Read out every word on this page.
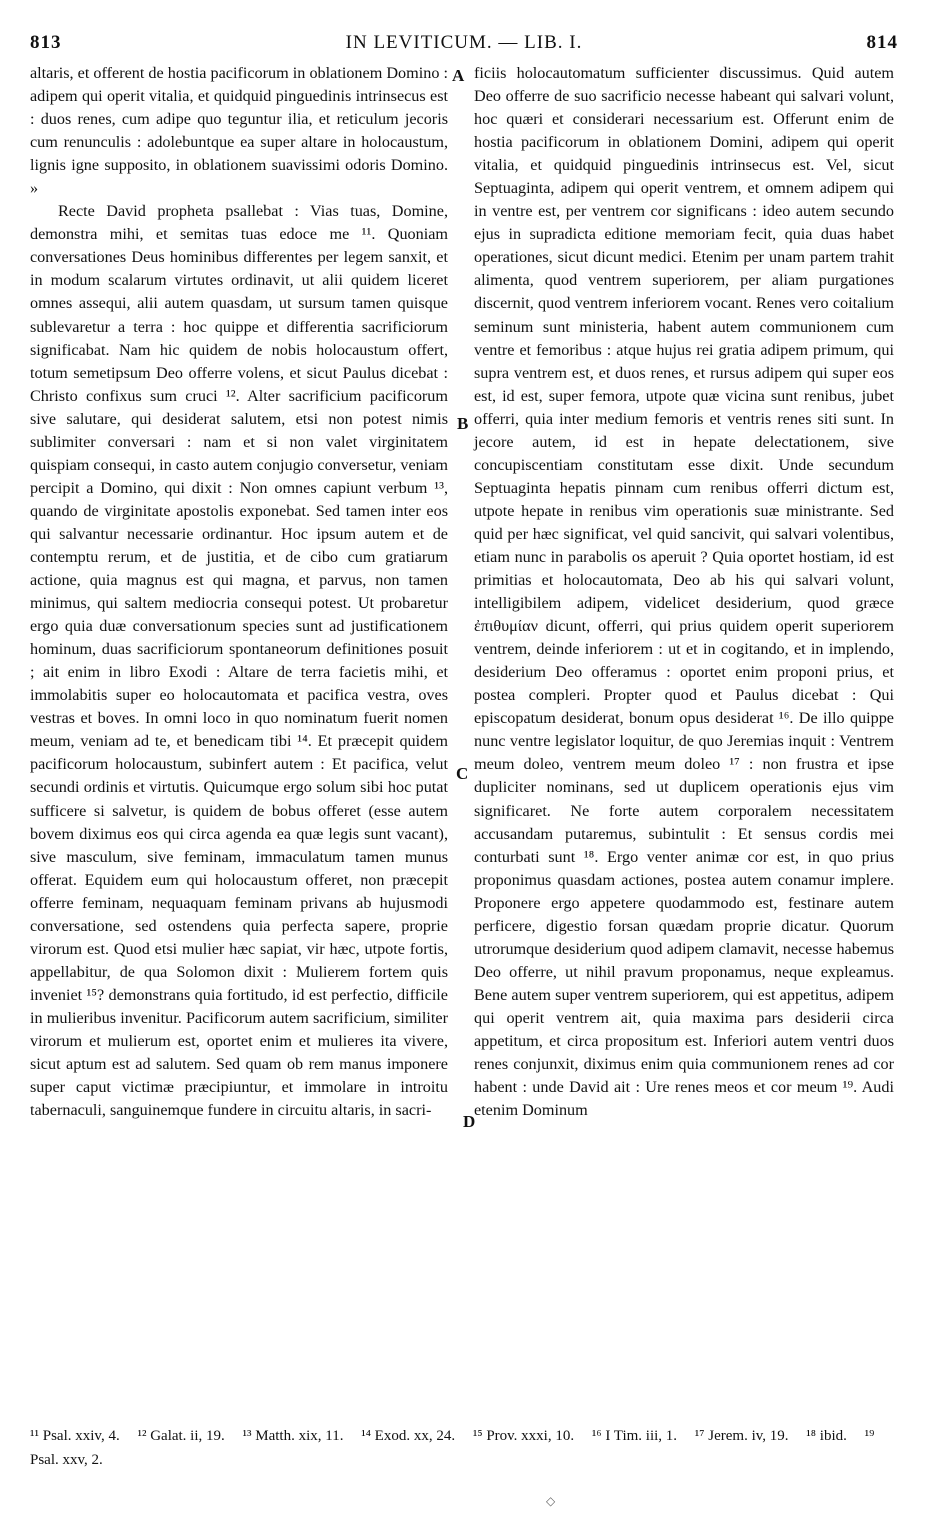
813	IN LEVITICUM. — LIB. I.	814

altaris, et offerent de hostia pacificorum in oblationem Domino : adipem qui operit vitalia, et quidquid pinguedinis intrinsecus est : duos renes, cum adipe quo teguntur ilia, et reticulum jecoris cum renunculis : adolebuntque ea super altare in holocaustum, lignis igne supposito, in oblationem suavissimi odoris Domino. »

Recte David propheta psallebat : Vias tuas, Domine, demonstra mihi, et semitas tuas edoce me ¹¹. Quoniam conversationes Deus hominibus differentes per legem sanxit, et in modum scalarum virtutes ordinavit, ut alii quidem liceret omnes assequi, alii autem quasdam, ut sursum tamen quisque sublevaretur a terra : hoc quippe et differentia sacrificiorum significabat. Nam hic quidem de nobis holocaustum offert, totum semetipsum Deo offerre volens, et sicut Paulus dicebat : Christo confixus sum cruci ¹². Alter sacrificium pacificorum sive salutare, qui desiderat salutem, etsi non potest nimis sublimiter conversari : nam et si non valet virginitatem quispiam consequi, in casto autem conjugio conversetur, veniam percipit a Domino, qui dixit : Non omnes capiunt verbum ¹³, quando de virginitate apostolis exponebat. Sed tamen inter eos qui salvantur necessarie ordinantur. Hoc ipsum autem et de contemptu rerum, et de justitia, et de cibo cum gratiarum actione, quia magnus est qui magna, et parvus, non tamen minimus, qui saltem mediocria consequi potest. Ut probaretur ergo quia duæ conversationum species sunt ad justificationem hominum, duas sacrificiorum spontaneorum definitiones posuit ; ait enim in libro Exodi : Altare de terra facietis mihi, et immolabitis super eo holocautomata et pacifica vestra, oves vestras et boves. In omni loco in quo nominatum fuerit nomen meum, veniam ad te, et benedicam tibi ¹⁴. Et præcepit quidem pacificorum holocaustum, subinfert autem : Et pacifica, velut secundi ordinis et virtutis. Quicumque ergo solum sibi hoc putat sufficere si salvetur, is quidem de bobus offeret (esse autem bovem diximus eos qui circa agenda ea quæ legis sunt vacant), sive masculum, sive feminam, immaculatum tamen munus offerat. Equidem eum qui holocaustum offeret, non præcepit offerre feminam, nequaquam feminam privans ab hujusmodi conversatione, sed ostendens quia perfecta sapere, proprie virorum est. Quod etsi mulier hæc sapiat, vir hæc, utpote fortis, appellabitur, de qua Solomon dixit : Mulierem fortem quis inveniet ¹⁵? demonstrans quia fortitudo, id est perfectio, difficile in mulieribus invenitur. Pacificorum autem sacrificium, similiter virorum et mulierum est, oportet enim et mulieres ita vivere, sicut aptum est ad salutem. Sed quam ob rem manus imponere super caput victimæ præcipiuntur, et immolare in introitu tabernaculi, sanguinemque fundere in circuitu altaris, in sacri-

A
B
C
D

ficiis holocautomatum sufficienter discussimus. Quid autem Deo offerre de suo sacrificio necesse habeant qui salvari volunt, hoc quæri et considerari necessarium est. Offerunt enim de hostia pacificorum in oblationem Domini, adipem qui operit vitalia, et quidquid pinguedinis intrinsecus est. Vel, sicut Septuaginta, adipem qui operit ventrem, et omnem adipem qui in ventre est, per ventrem cor significans : ideo autem secundo ejus in supradicta editione memoriam fecit, quia duas habet operationes, sicut dicunt medici. Etenim per unam partem trahit alimenta, quod ventrem superiorem, per aliam purgationes discernit, quod ventrem inferiorem vocant. Renes vero coitalium seminum sunt ministeria, habent autem communionem cum ventre et femoribus : atque hujus rei gratia adipem primum, qui supra ventrem est, et duos renes, et rursus adipem qui super eos est, id est, super femora, utpote quæ vicina sunt renibus, jubet offerri, quia inter medium femoris et ventris renes siti sunt. In jecore autem, id est in hepate delectationem, sive concupiscentiam constitutam esse dixit. Unde secundum Septuaginta hepatis pinnam cum renibus offerri dictum est, utpote hepate in renibus vim operationis suæ ministrante. Sed quid per hæc significat, vel quid sancivit, qui salvari volentibus, etiam nunc in parabolis os aperuit ? Quia oportet hostiam, id est primitias et holocautomata, Deo ab his qui salvari volunt, intelligibilem adipem, videlicet desiderium, quod græce ἐπιθυμίαν dicunt, offerri, qui prius quidem operit superiorem ventrem, deinde inferiorem : ut et in cogitando, et in implendo, desiderium Deo offeramus : oportet enim proponi prius, et postea compleri. Propter quod et Paulus dicebat : Qui episcopatum desiderat, bonum opus desiderat ¹⁶. De illo quippe nunc ventre legislator loquitur, de quo Jeremias inquit : Ventrem meum doleo, ventrem meum doleo ¹⁷ : non frustra et ipse dupliciter nominans, sed ut duplicem operationis ejus vim significaret. Ne forte autem corporalem necessitatem accusandam putaremus, subintulit : Et sensus cordis mei conturbati sunt ¹⁸. Ergo venter animæ cor est, in quo prius proponimus quasdam actiones, postea autem conamur implere. Proponere ergo appetere quodammodo est, festinare autem perficere, digestio forsan quædam proprie dicatur. Quorum utrorumque desiderium quod adipem clamavit, necesse habemus Deo offerre, ut nihil pravum proponamus, neque expleamus. Bene autem super ventrem superiorem, qui est appetitus, adipem qui operit ventrem ait, quia maxima pars desiderii circa appetitum, et circa propositum est. Inferiori autem ventri duos renes conjunxit, diximus enim quia communionem renes ad cor habent : unde David ait : Ure renes meos et cor meum ¹⁹. Audi etenim Dominum

¹¹ Psal. xxiv, 4. ¹² Galat. ii, 19. ¹³ Matth. xix, 11. ¹⁴ Exod. xx, 24. ¹⁵ Prov. xxxi, 10. ¹⁶ I Tim. iii, 1. ¹⁷ Jerem. iv, 19. ¹⁸ ibid. ¹⁹ Psal. xxv, 2.
◇
